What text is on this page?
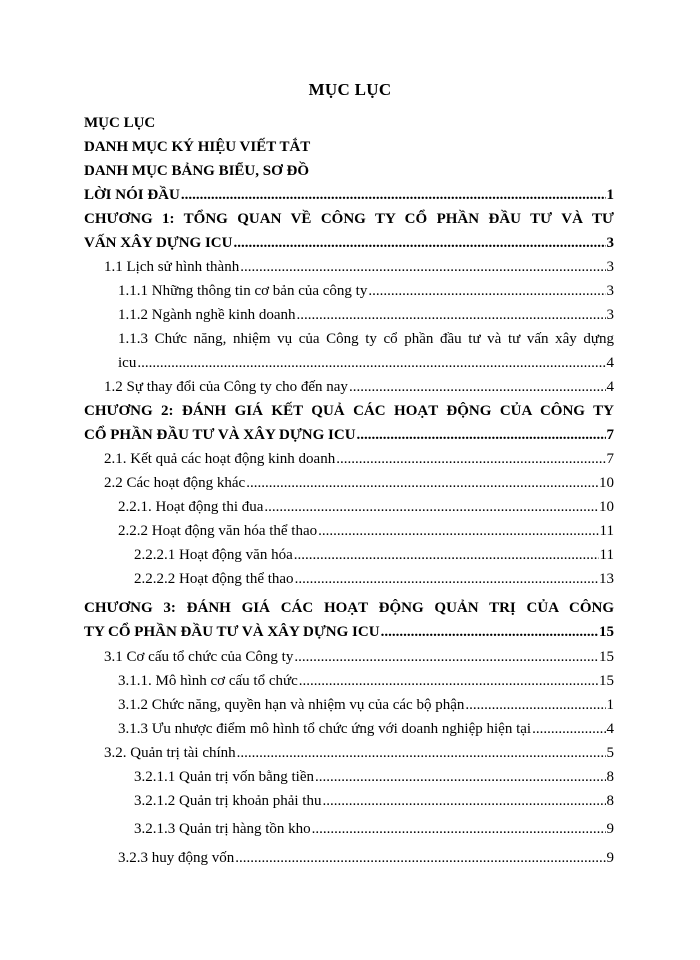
MỤC LỤC
MỤC LỤC
DANH MỤC KÝ HIỆU VIẾT TẮT
DANH MỤC BẢNG BIỂU, SƠ ĐỒ
LỜI NÓI ĐẦU .....	1
CHƯƠNG 1: TỔNG QUAN VỀ CÔNG TY CỔ PHẦN ĐẦU TƯ VÀ TƯ
VẤN XÂY DỰNG ICU .....	3
1.1 Lịch sử hình thành .....	3
1.1.1 Những thông tin cơ bản của công ty .....	3
1.1.2 Ngành nghề kinh doanh .....	3
1.1.3 Chức năng, nhiệm vụ của Công ty cổ phần đầu tư và tư vấn xây dựng
icu .....	4
1.2 Sự thay đổi của Công ty cho đến nay .....	4
CHƯƠNG 2: ĐÁNH GIÁ KẾT QUẢ CÁC HOẠT ĐỘNG CỦA CÔNG TY
CỔ PHẦN ĐẦU TƯ VÀ XÂY DỰNG ICU .....	7
2.1. Kết quả các hoạt động kinh doanh .....	7
2.2 Các hoạt động khác .....	10
2.2.1. Hoạt động thi đua .....	10
2.2.2 Hoạt động văn hóa thể thao .....	11
2.2.2.1 Hoạt động văn hóa .....	11
2.2.2.2 Hoạt động thể thao .....	13
CHƯƠNG 3: ĐÁNH GIÁ CÁC HOẠT ĐỘNG QUẢN TRỊ CỦA CÔNG
TY CỔ PHẦN ĐẦU TƯ VÀ XÂY DỰNG ICU .....	15
3.1 Cơ cấu tổ chức của Công ty .....	15
3.1.1. Mô hình cơ cấu tổ chức .....	15
3.1.2 Chức năng, quyền hạn và nhiệm vụ của các bộ phận .....	1
3.1.3 Ưu nhược điểm mô hình tổ chức ứng với doanh nghiệp hiện tại .....	4
3.2. Quản trị tài chính .....	5
3.2.1.1 Quản trị vốn bằng tiền .....	8
3.2.1.2 Quản trị khoản phải thu .....	8
3.2.1.3 Quản trị hàng tồn kho .....	9
3.2.3 huy động vốn .....	9
